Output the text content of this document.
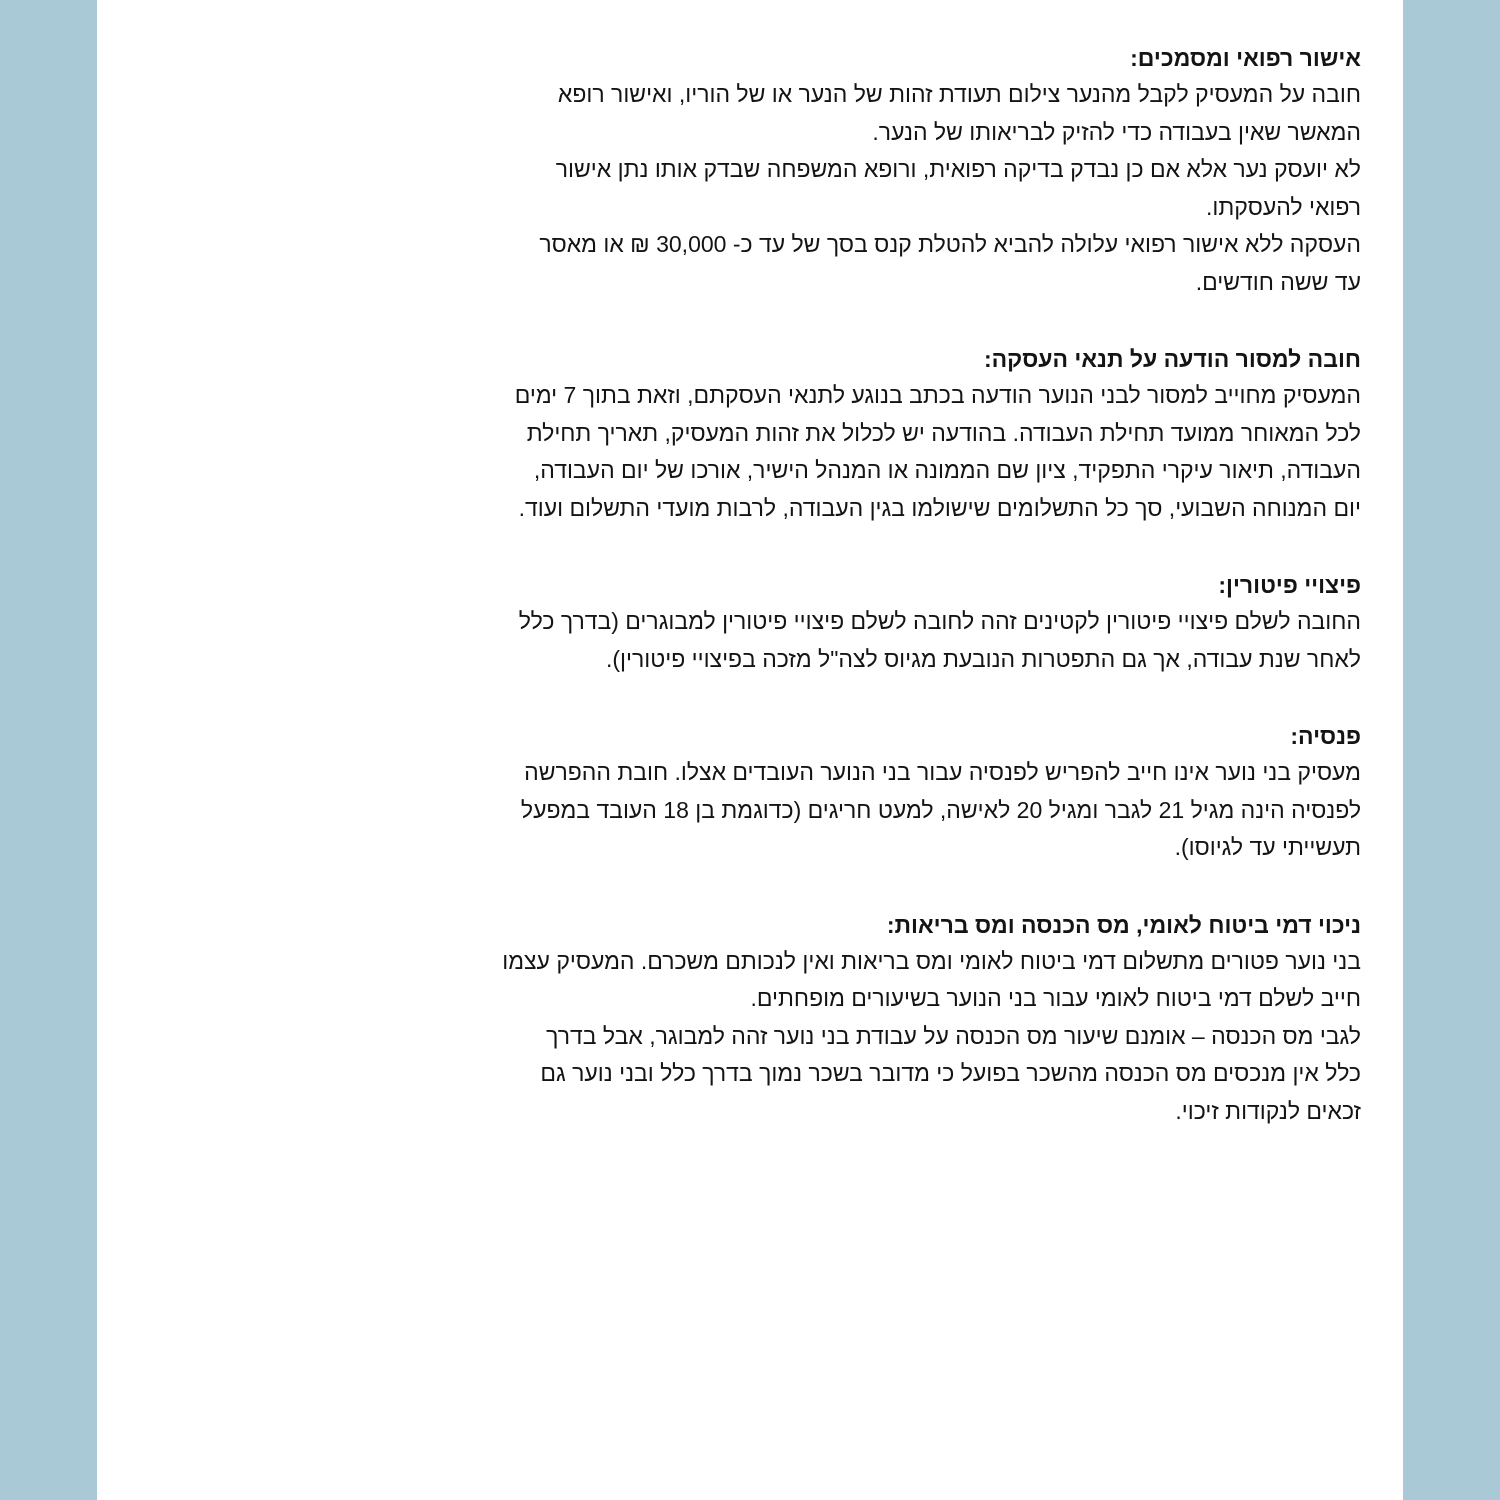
אישור רפואי ומסמכים:

חובה על המעסיק לקבל מהנער צילום תעודת זהות של הנער או של הוריו, ואישור רופא

המאשר שאין בעבודה כדי להזיק לבריאותו של הנער.

לא יועסק נער אלא אם כן נבדק בדיקה רפואית, ורופא המשפחה שבדק אותו נתן אישור

רפואי להעסקתו.

העסקה ללא אישור רפואי עלולה להביא להטלת קנס בסך של עד כ- 30,000 ₪ או מאסר

עד ששה חודשים.

חובה למסור הודעה על תנאי העסקה:

המעסיק מחוייב למסור לבני הנוער הודעה בכתב בנוגע לתנאי העסקתם, וזאת בתוך 7 ימים

לכל המאוחר ממועד תחילת העבודה. בהודעה יש לכלול את זהות המעסיק, תאריך תחילת

העבודה, תיאור עיקרי התפקיד, ציון שם הממונה או המנהל הישיר, אורכו של יום העבודה,

יום המנוחה השבועי, סך כל התשלומים שישולמו בגין העבודה, לרבות מועדי התשלום ועוד.

פיצויי פיטורין:

החובה לשלם פיצויי פיטורין לקטינים זהה לחובה לשלם פיצויי פיטורין למבוגרים (בדרך כלל

לאחר שנת עבודה, אך גם התפטרות הנובעת מגיוס לצה"ל מזכה בפיצויי פיטורין).

פנסיה:

מעסיק בני נוער אינו חייב להפריש לפנסיה עבור בני הנוער העובדים אצלו. חובת ההפרשה

לפנסיה הינה מגיל 21 לגבר ומגיל 20 לאישה, למעט חריגים (כדוגמת בן 18 העובד במפעל

תעשייתי עד לגיוסו).

ניכוי דמי ביטוח לאומי, מס הכנסה ומס בריאות:

בני נוער פטורים מתשלום דמי ביטוח לאומי ומס בריאות ואין לנכותם משכרם. המעסיק עצמו

חייב לשלם דמי ביטוח לאומי עבור בני הנוער בשיעורים מופחתים.

לגבי מס הכנסה – אומנם שיעור מס הכנסה על עבודת בני נוער זהה למבוגר, אבל בדרך

כלל אין מנכסים מס הכנסה מהשכר בפועל כי מדובר בשכר נמוך בדרך כלל ובני נוער גם

זכאים לנקודות זיכוי.
